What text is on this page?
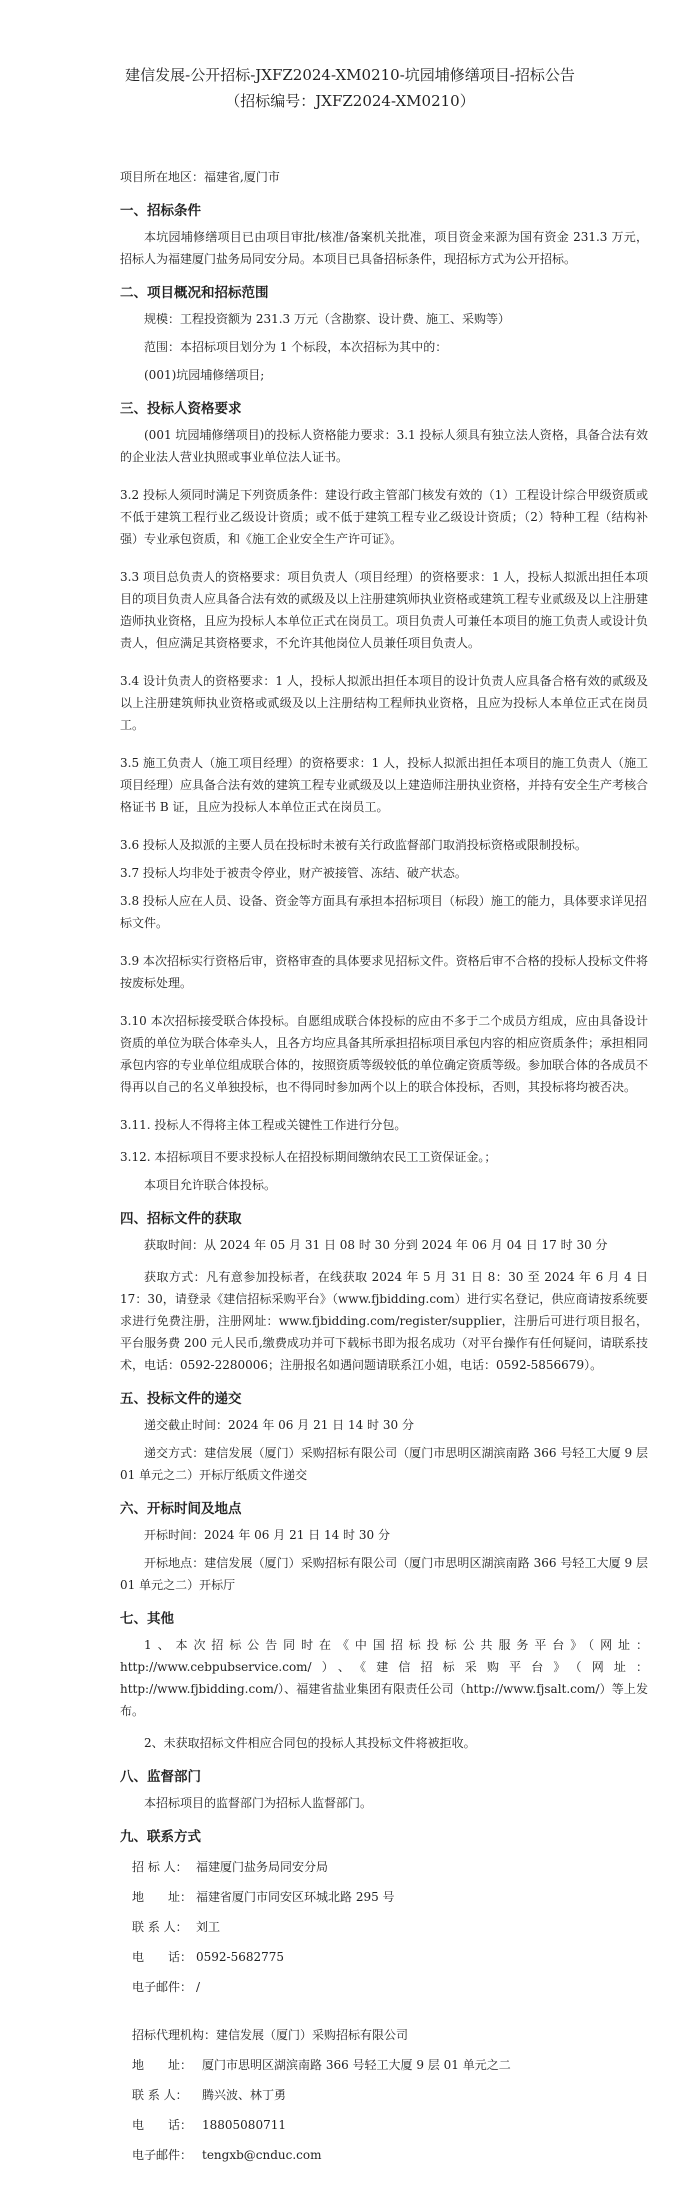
建信发展-公开招标-JXFZ2024-XM0210-坑园埔修缮项目-招标公告

（招标编号：JXFZ2024-XM0210）

项目所在地区：福建省,厦门市

一、招标条件

本坑园埔修缮项目已由项目审批/核准/备案机关批准，项目资金来源为国有资金 231.3 万元，招标人为福建厦门盐务局同安分局。本项目已具备招标条件，现招标方式为公开招标。

二、项目概况和招标范围

规模：工程投资额为 231.3 万元（含勘察、设计费、施工、采购等）

范围：本招标项目划分为 1 个标段，本次招标为其中的：

(001)坑园埔修缮项目;

三、投标人资格要求

(001 坑园埔修缮项目)的投标人资格能力要求：3.1 投标人须具有独立法人资格，具备合法有效的企业法人营业执照或事业单位法人证书。

3.2 投标人须同时满足下列资质条件：建设行政主管部门核发有效的（1）工程设计综合甲级资质或不低于建筑工程行业乙级设计资质；或不低于建筑工程专业乙级设计资质；（2）特种工程（结构补强）专业承包资质，和《施工企业安全生产许可证》。

3.3 项目总负责人的资格要求：项目负责人（项目经理）的资格要求：1 人，投标人拟派出担任本项目的项目负责人应具备合法有效的贰级及以上注册建筑师执业资格或建筑工程专业贰级及以上注册建造师执业资格，且应为投标人本单位正式在岗员工。项目负责人可兼任本项目的施工负责人或设计负责人，但应满足其资格要求，不允许其他岗位人员兼任项目负责人。

3.4 设计负责人的资格要求：1 人，投标人拟派出担任本项目的设计负责人应具备合格有效的贰级及以上注册建筑师执业资格或贰级及以上注册结构工程师执业资格，且应为投标人本单位正式在岗员工。

3.5 施工负责人（施工项目经理）的资格要求：1 人，投标人拟派出担任本项目的施工负责人（施工项目经理）应具备合法有效的建筑工程专业贰级及以上建造师注册执业资格，并持有安全生产考核合格证书 B 证，且应为投标人本单位正式在岗员工。

3.6 投标人及拟派的主要人员在投标时未被有关行政监督部门取消投标资格或限制投标。

3.7 投标人均非处于被责令停业，财产被接管、冻结、破产状态。

3.8 投标人应在人员、设备、资金等方面具有承担本招标项目（标段）施工的能力，具体要求详见招标文件。

3.9 本次招标实行资格后审，资格审查的具体要求见招标文件。资格后审不合格的投标人投标文件将按废标处理。

3.10 本次招标接受联合体投标。自愿组成联合体投标的应由不多于二个成员方组成，应由具备设计资质的单位为联合体牵头人，且各方均应具备其所承担招标项目承包内容的相应资质条件；承担相同承包内容的专业单位组成联合体的，按照资质等级较低的单位确定资质等级。参加联合体的各成员不得再以自己的名义单独投标，也不得同时参加两个以上的联合体投标，否则，其投标将均被否决。

3.11. 投标人不得将主体工程或关键性工作进行分包。

3.12. 本招标项目不要求投标人在招投标期间缴纳农民工工资保证金。；

本项目允许联合体投标。

四、招标文件的获取

获取时间：从 2024 年 05 月 31 日 08 时 30 分到 2024 年 06 月 04 日 17 时 30 分

获取方式：凡有意参加投标者，在线获取 2024 年 5 月 31 日 8：30 至 2024 年 6 月 4 日 17：30，请登录《建信招标采购平台》（www.fjbidding.com）进行实名登记，供应商请按系统要求进行免费注册，注册网址：www.fjbidding.com/register/supplier，注册后可进行项目报名，平台服务费 200 元人民币,缴费成功并可下载标书即为报名成功（对平台操作有任何疑问，请联系技术，电话：0592-2280006；注册报名如遇问题请联系江小姐，电话：0592-5856679）。

五、投标文件的递交

递交截止时间：2024 年 06 月 21 日 14 时 30 分

递交方式：建信发展（厦门）采购招标有限公司（厦门市思明区湖滨南路 366 号轻工大厦 9 层 01 单元之二）开标厅纸质文件递交

六、开标时间及地点

开标时间：2024 年 06 月 21 日 14 时 30 分

开标地点：建信发展（厦门）采购招标有限公司（厦门市思明区湖滨南路 366 号轻工大厦 9 层 01 单元之二）开标厅

七、其他

1、本次招标公告同时在《中国招标投标公共服务平台》（网址：http://www.cebpubservice.com/）、《建信招标采购平台》（网址：http://www.fjbidding.com/）、福建省盐业集团有限责任公司（http://www.fjsalt.com/）等上发布。

2、未获取招标文件相应合同包的投标人其投标文件将被拒收。

八、监督部门

本招标项目的监督部门为招标人监督部门。

九、联系方式
招 标 人： 福建厦门盐务局同安分局
地　　址： 福建省厦门市同安区环城北路 295 号
联 系 人： 刘工
电　　话： 0592-5682775
电子邮件： /

招标代理机构：建信发展（厦门）采购招标有限公司

地　　址： 厦门市思明区湖滨南路 366 号轻工大厦 9 层 01 单元之二
联 系 人：	腾兴波、林丁勇
电　　话： 18805080711
电子邮件： tengxb@cnduc.com
